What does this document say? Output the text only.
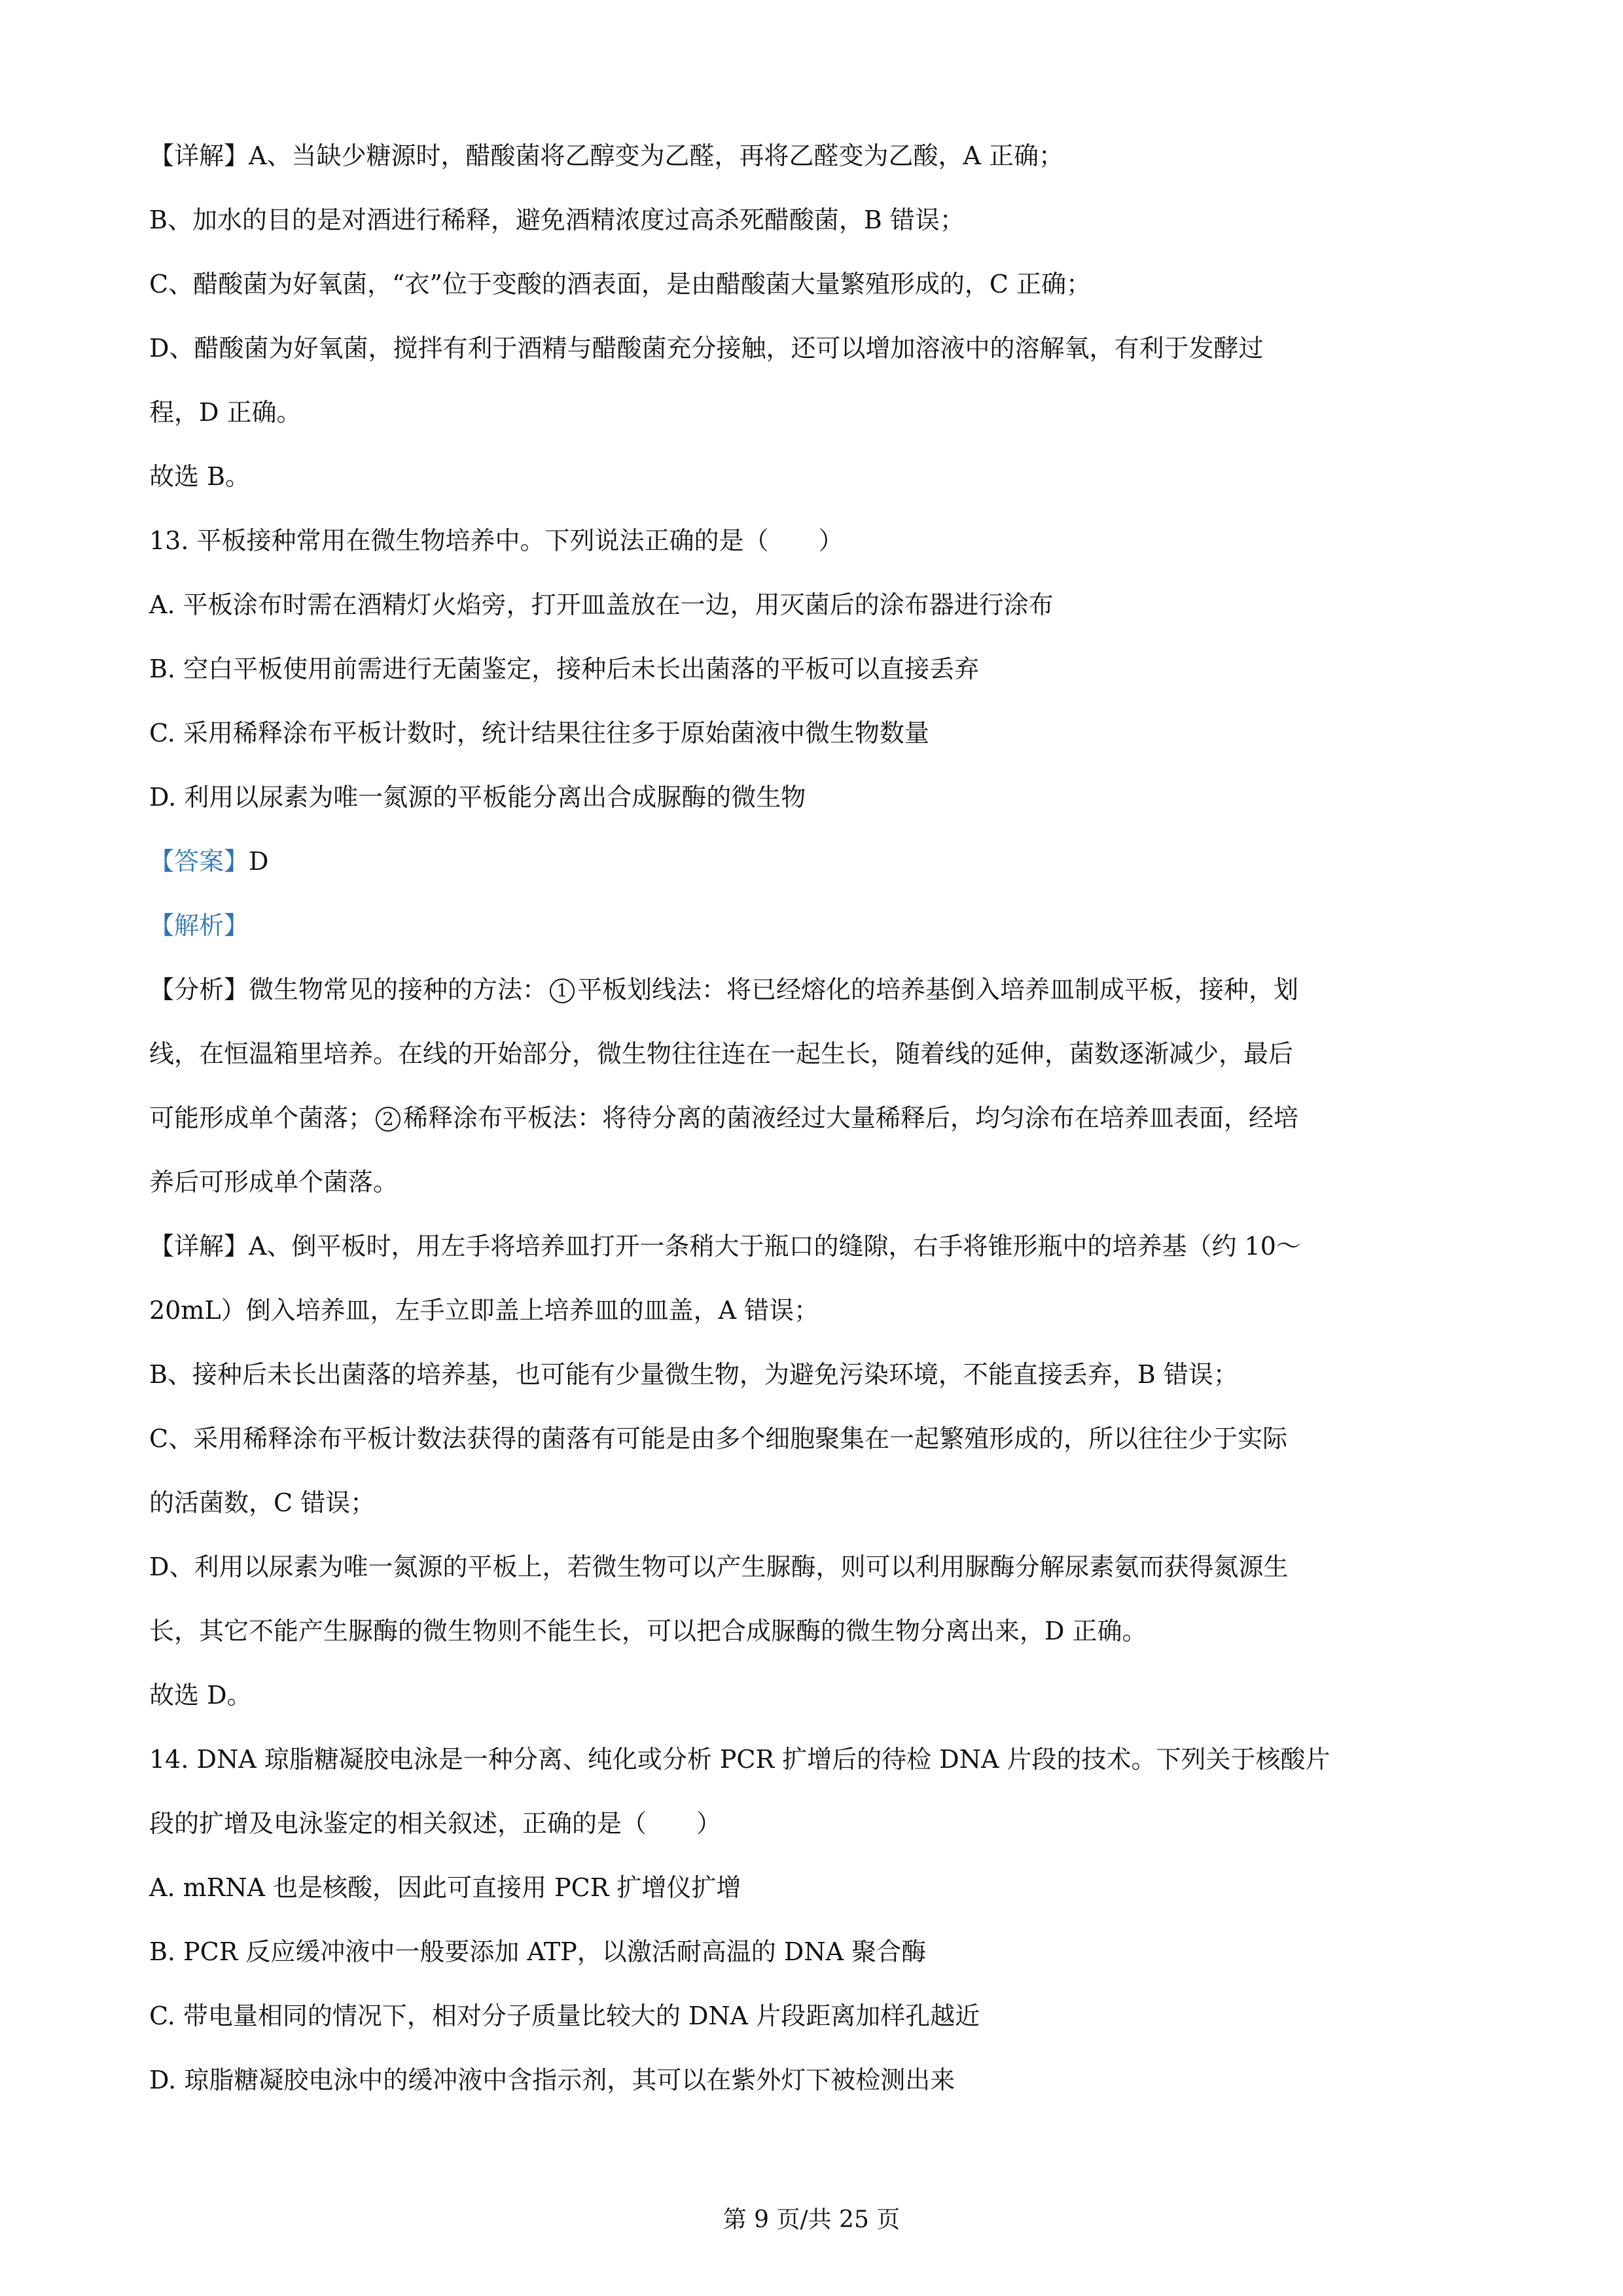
【详解】A、当缺少糖源时，醋酸菌将乙醇变为乙醛，再将乙醛变为乙酸，A 正确；
B、加水的目的是对酒进行稀释，避免酒精浓度过高杀死醋酸菌，B 错误；
C、醋酸菌为好氧菌，“衣”位于变酸的酒表面，是由醋酸菌大量繁殖形成的，C 正确；
D、醋酸菌为好氧菌，搅拌有利于酒精与醋酸菌充分接触，还可以增加溶液中的溶解氧，有利于发酵过
程，D 正确。
故选 B。
13. 平板接种常用在微生物培养中。下列说法正确的是（　　）
A. 平板涂布时需在酒精灯火焰旁，打开皿盖放在一边，用灭菌后的涂布器进行涂布
B. 空白平板使用前需进行无菌鉴定，接种后未长出菌落的平板可以直接丢弃
C. 采用稀释涂布平板计数时，统计结果往往多于原始菌液中微生物数量
D. 利用以尿素为唯一氮源的平板能分离出合成脲酶的微生物
【答案】D
【解析】
【分析】微生物常见的接种的方法： 1 平板划线法：将已经熔化的培养基倒入培养皿制成平板，接种，划
线，在恒温箱里培养。在线的开始部分，微生物往往连在一起生长，随着线的延伸，菌数逐渐减少，最后
可能形成单个菌落； 2 稀释涂布平板法：将待分离的菌液经过大量稀释后，均匀涂布在培养皿表面，经培
养后可形成单个菌落。
【详解】A、倒平板时，用左手将培养皿打开一条稍大于瓶口的缝隙，右手将锥形瓶中的培养基（约 10～
20mL）倒入培养皿，左手立即盖上培养皿的皿盖，A 错误；
B、接种后未长出菌落的培养基，也可能有少量微生物，为避免污染环境，不能直接丢弃，B 错误；
C、采用稀释涂布平板计数法获得的菌落有可能是由多个细胞聚集在一起繁殖形成的，所以往往少于实际
的活菌数，C 错误；
D、利用以尿素为唯一氮源的平板上，若微生物可以产生脲酶，则可以利用脲酶分解尿素氨而获得氮源生
长，其它不能产生脲酶的微生物则不能生长，可以把合成脲酶的微生物分离出来，D 正确。
故选 D。
14. DNA 琼脂糖凝胶电泳是一种分离、纯化或分析 PCR 扩增后的待检 DNA 片段的技术。下列关于核酸片
段的扩增及电泳鉴定的相关叙述，正确的是（　　）
A. mRNA 也是核酸，因此可直接用 PCR 扩增仪扩增
B. PCR 反应缓冲液中一般要添加 ATP，以激活耐高温的 DNA 聚合酶
C. 带电量相同的情况下，相对分子质量比较大的 DNA 片段距离加样孔越近
D. 琼脂糖凝胶电泳中的缓冲液中含指示剂，其可以在紫外灯下被检测出来
第 9 页/共 25 页
